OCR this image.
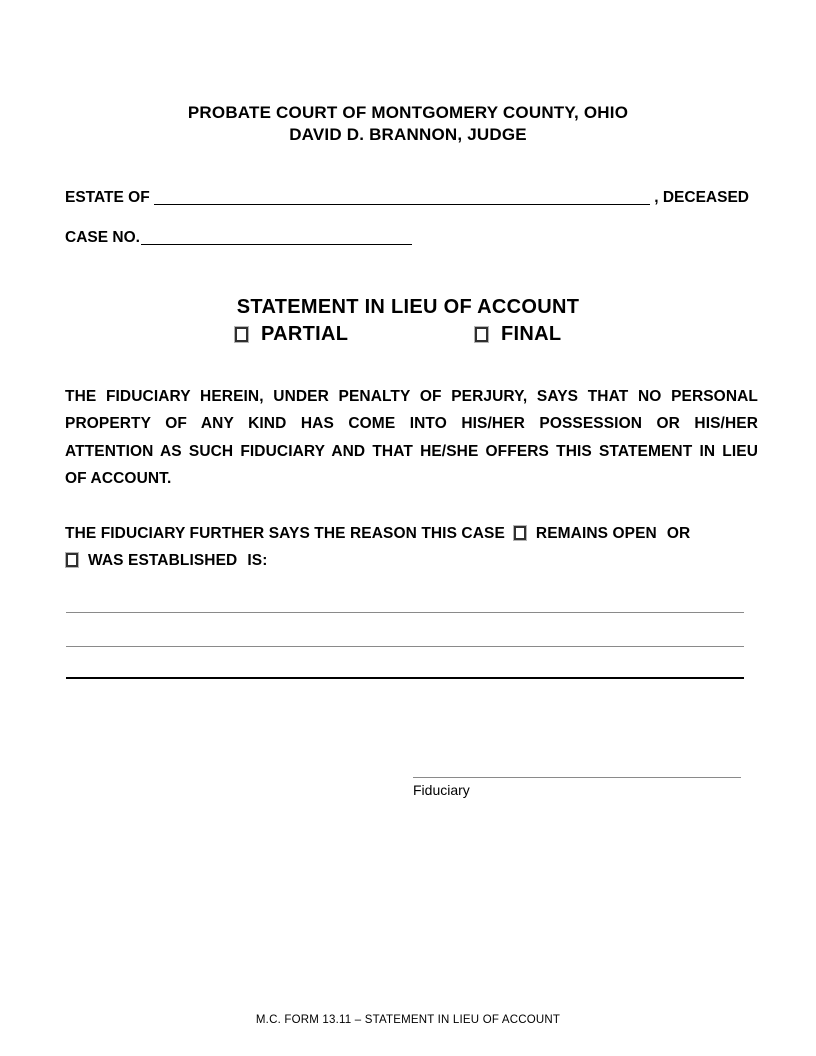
PROBATE COURT OF MONTGOMERY COUNTY, OHIO
DAVID D. BRANNON, JUDGE
ESTATE OF	, DECEASED
CASE NO.
STATEMENT IN LIEU OF ACCOUNT
PARTIAL	FINAL
THE FIDUCIARY HEREIN, UNDER PENALTY OF PERJURY, SAYS THAT NO PERSONAL
PROPERTY OF ANY KIND HAS COME INTO HIS/HER POSSESSION OR HIS/HER
ATTENTION AS SUCH FIDUCIARY AND THAT HE/SHE OFFERS THIS STATEMENT IN LIEU
OF ACCOUNT.
THE FIDUCIARY FURTHER SAYS THE REASON THIS CASE REMAINS OPEN OR
WAS ESTABLISHED IS:
Fiduciary
M.C. FORM 13.11 – STATEMENT IN LIEU OF ACCOUNT
